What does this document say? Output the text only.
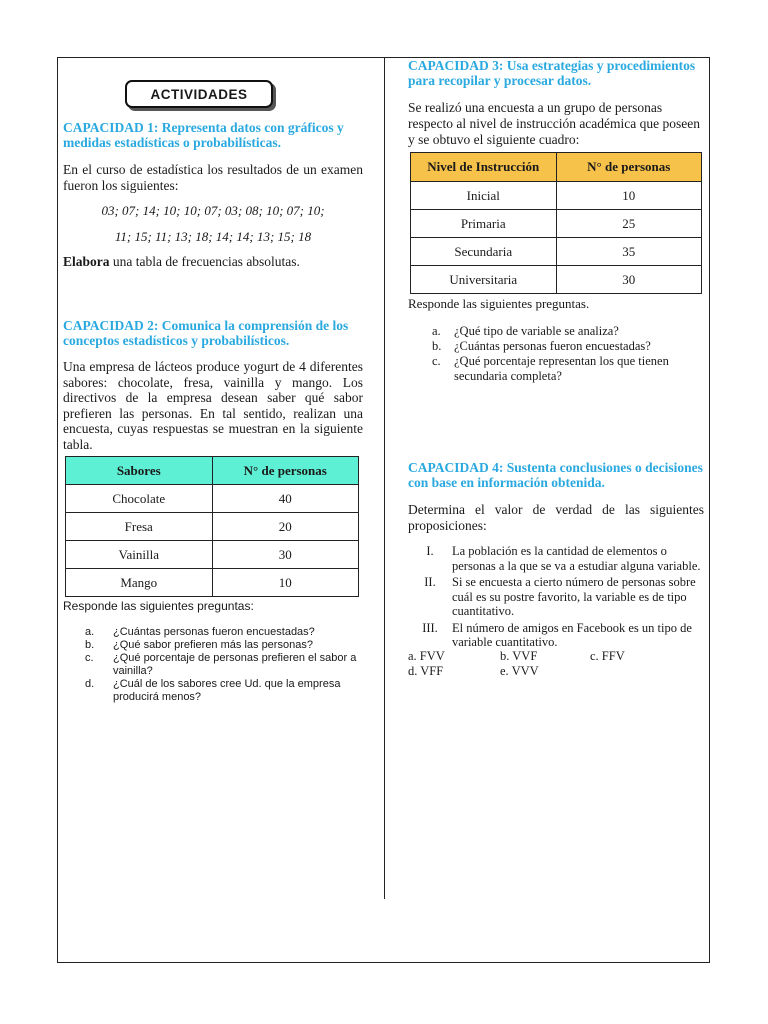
ACTIVIDADES

CAPACIDAD 1: Representa datos con gráficos y medidas estadísticas o probabilísticas.

En el curso de estadística los resultados de un examen fueron los siguientes:

03; 07; 14; 10; 10; 07; 03; 08; 10; 07; 10;
11; 15; 11; 13; 18; 14; 14; 13; 15; 18

Elabora una tabla de frecuencias absolutas.

CAPACIDAD 2: Comunica la comprensión de los conceptos estadísticos y probabilísticos.

Una empresa de lácteos produce yogurt de 4 diferentes sabores: chocolate, fresa, vainilla y mango. Los directivos de la empresa desean saber qué sabor prefieren las personas. En tal sentido, realizan una encuesta, cuyas respuestas se muestran en la siguiente tabla.

Sabores	N° de personas
Chocolate	40
Fresa	20
Vainilla	30
Mango	10
Responde las siguientes preguntas:
a.	¿Cuántas personas fueron encuestadas?
b.	¿Qué sabor prefieren más las personas?
c.	¿Qué porcentaje de personas prefieren el sabor a vainilla?
d.	¿Cuál de los sabores cree Ud. que la empresa producirá menos?

CAPACIDAD 3: Usa estrategias y procedimientos para recopilar y procesar datos.

Se realizó una encuesta a un grupo de personas respecto al nivel de instrucción académica que poseen y se obtuvo el siguiente cuadro:

Nivel de Instrucción	N° de personas
Inicial	10
Primaria	25
Secundaria	35
Universitaria	30
Responde las siguientes preguntas.
a.	¿Qué tipo de variable se analiza?
b.	¿Cuántas personas fueron encuestadas?
c.	¿Qué porcentaje representan los que tienen secundaria completa?

CAPACIDAD 4: Sustenta conclusiones o decisiones con base en información obtenida.

Determina el valor de verdad de las siguientes proposiciones:

I.	La población es la cantidad de elementos o personas a la que se va a estudiar alguna variable.
II.	Si se encuesta a cierto número de personas sobre cuál es su postre favorito, la variable es de tipo cuantitativo.
III.	El número de amigos en Facebook es un tipo de variable cuantitativo.
a. FVV	b. VVF	c. FFV
d. VFF	e. VVV
